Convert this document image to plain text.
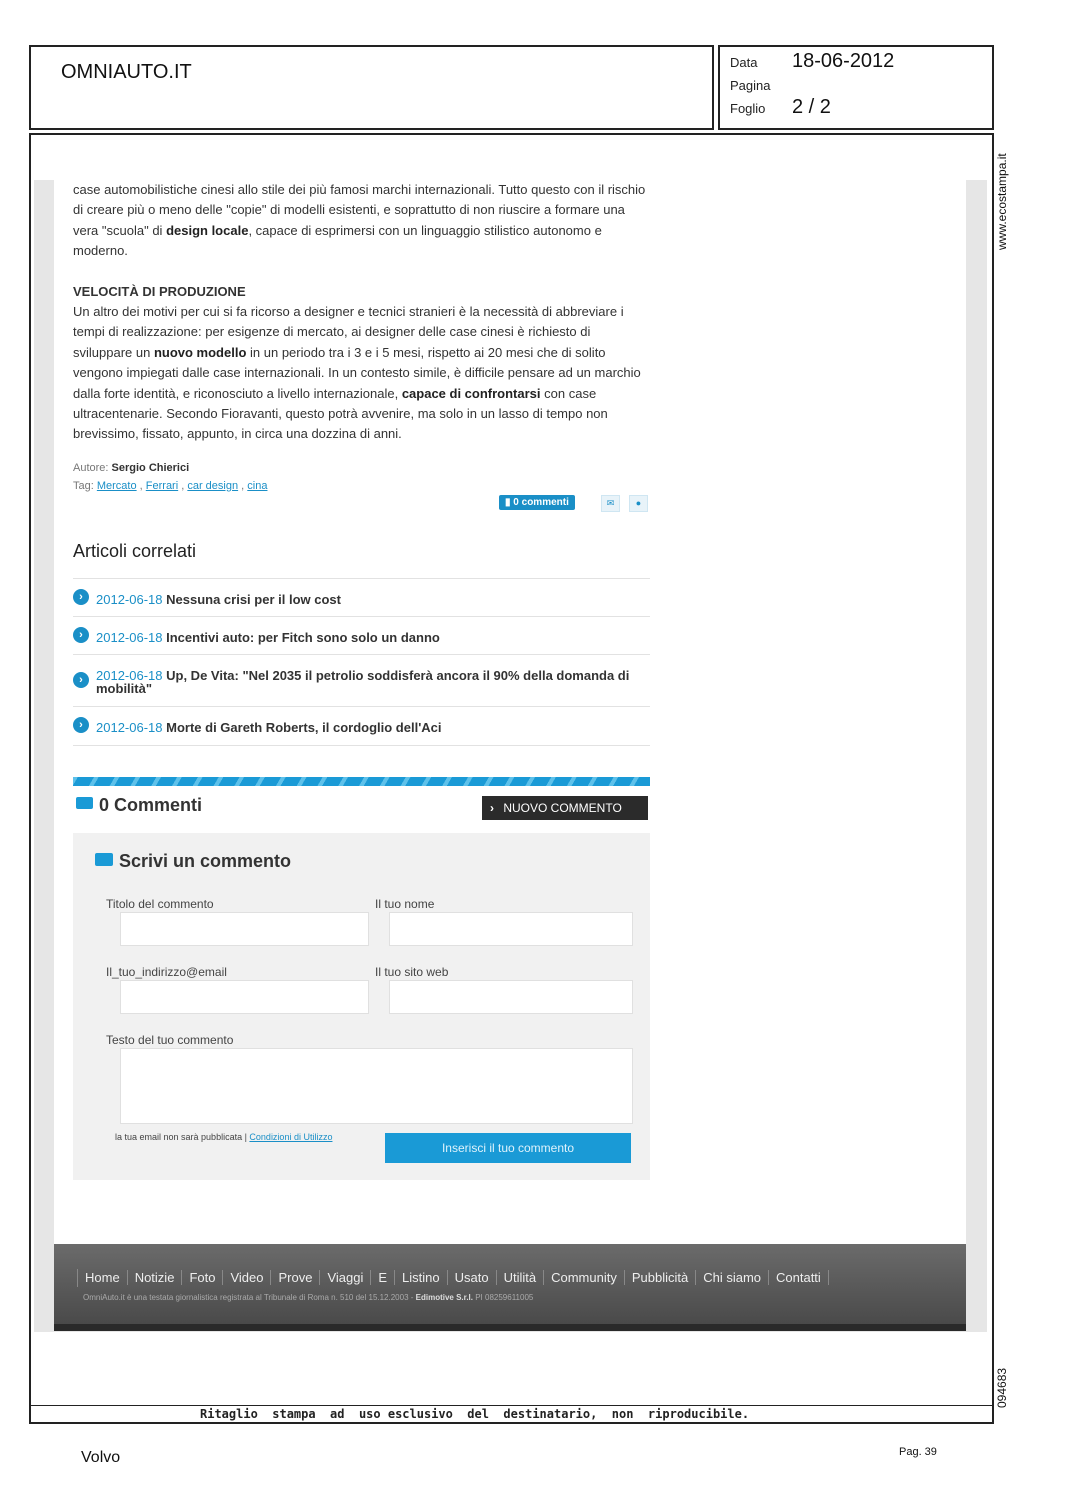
OMNIAUTO.IT	Data 18-06-2012
Pagina
Foglio 2 / 2
www.ecostampa.it
094683

case automobilistiche cinesi allo stile dei più famosi marchi internazionali. Tutto questo con il rischio di creare più o meno delle "copie" di modelli esistenti, e soprattutto di non riuscire a formare una vera "scuola" di design locale, capace di esprimersi con un linguaggio stilistico autonomo e moderno.

VELOCITÀ DI PRODUZIONE

Un altro dei motivi per cui si fa ricorso a designer e tecnici stranieri è la necessità di abbreviare i tempi di realizzazione: per esigenze di mercato, ai designer delle case cinesi è richiesto di sviluppare un nuovo modello in un periodo tra i 3 e i 5 mesi, rispetto ai 20 mesi che di solito vengono impiegati dalle case internazionali. In un contesto simile, è difficile pensare ad un marchio dalla forte identità, e riconosciuto a livello internazionale, capace di confrontarsi con case ultracentenarie. Secondo Fioravanti, questo potrà avvenire, ma solo in un lasso di tempo non brevissimo, fissato, appunto, in circa una dozzina di anni.

Autore: Sergio Chierici
Tag: Mercato , Ferrari , car design , cina
▮ 0 commenti	✉	●
Articoli correlati
›	2012-06-18 Nessuna crisi per il low cost
›	2012-06-18 Incentivi auto: per Fitch sono solo un danno
›	2012-06-18 Up, De Vita: "Nel 2035 il petrolio soddisferà ancora il 90% della domanda di mobilità"
›	2012-06-18 Morte di Gareth Roberts, il cordoglio dell'Aci
0 Commenti	› NUOVO COMMENTO
Scrivi un commento
Titolo del commento	Il tuo nome
Il_tuo_indirizzo@email	Il tuo sito web
Testo del tuo commento
la tua email non sarà pubblicata | Condizioni di Utilizzo
Inserisci il tuo commento
Home Notizie Foto Video Prove Viaggi E Listino Usato Utilità Community Pubblicità Chi siamo Contatti
OmniAuto.it è una testata giornalistica registrata al Tribunale di Roma n. 510 del 15.12.2003 - Edimotive S.r.l. PI 08259611005
Ritaglio  stampa  ad  uso esclusivo  del  destinatario,  non  riproducibile.
Volvo	Pag. 39
